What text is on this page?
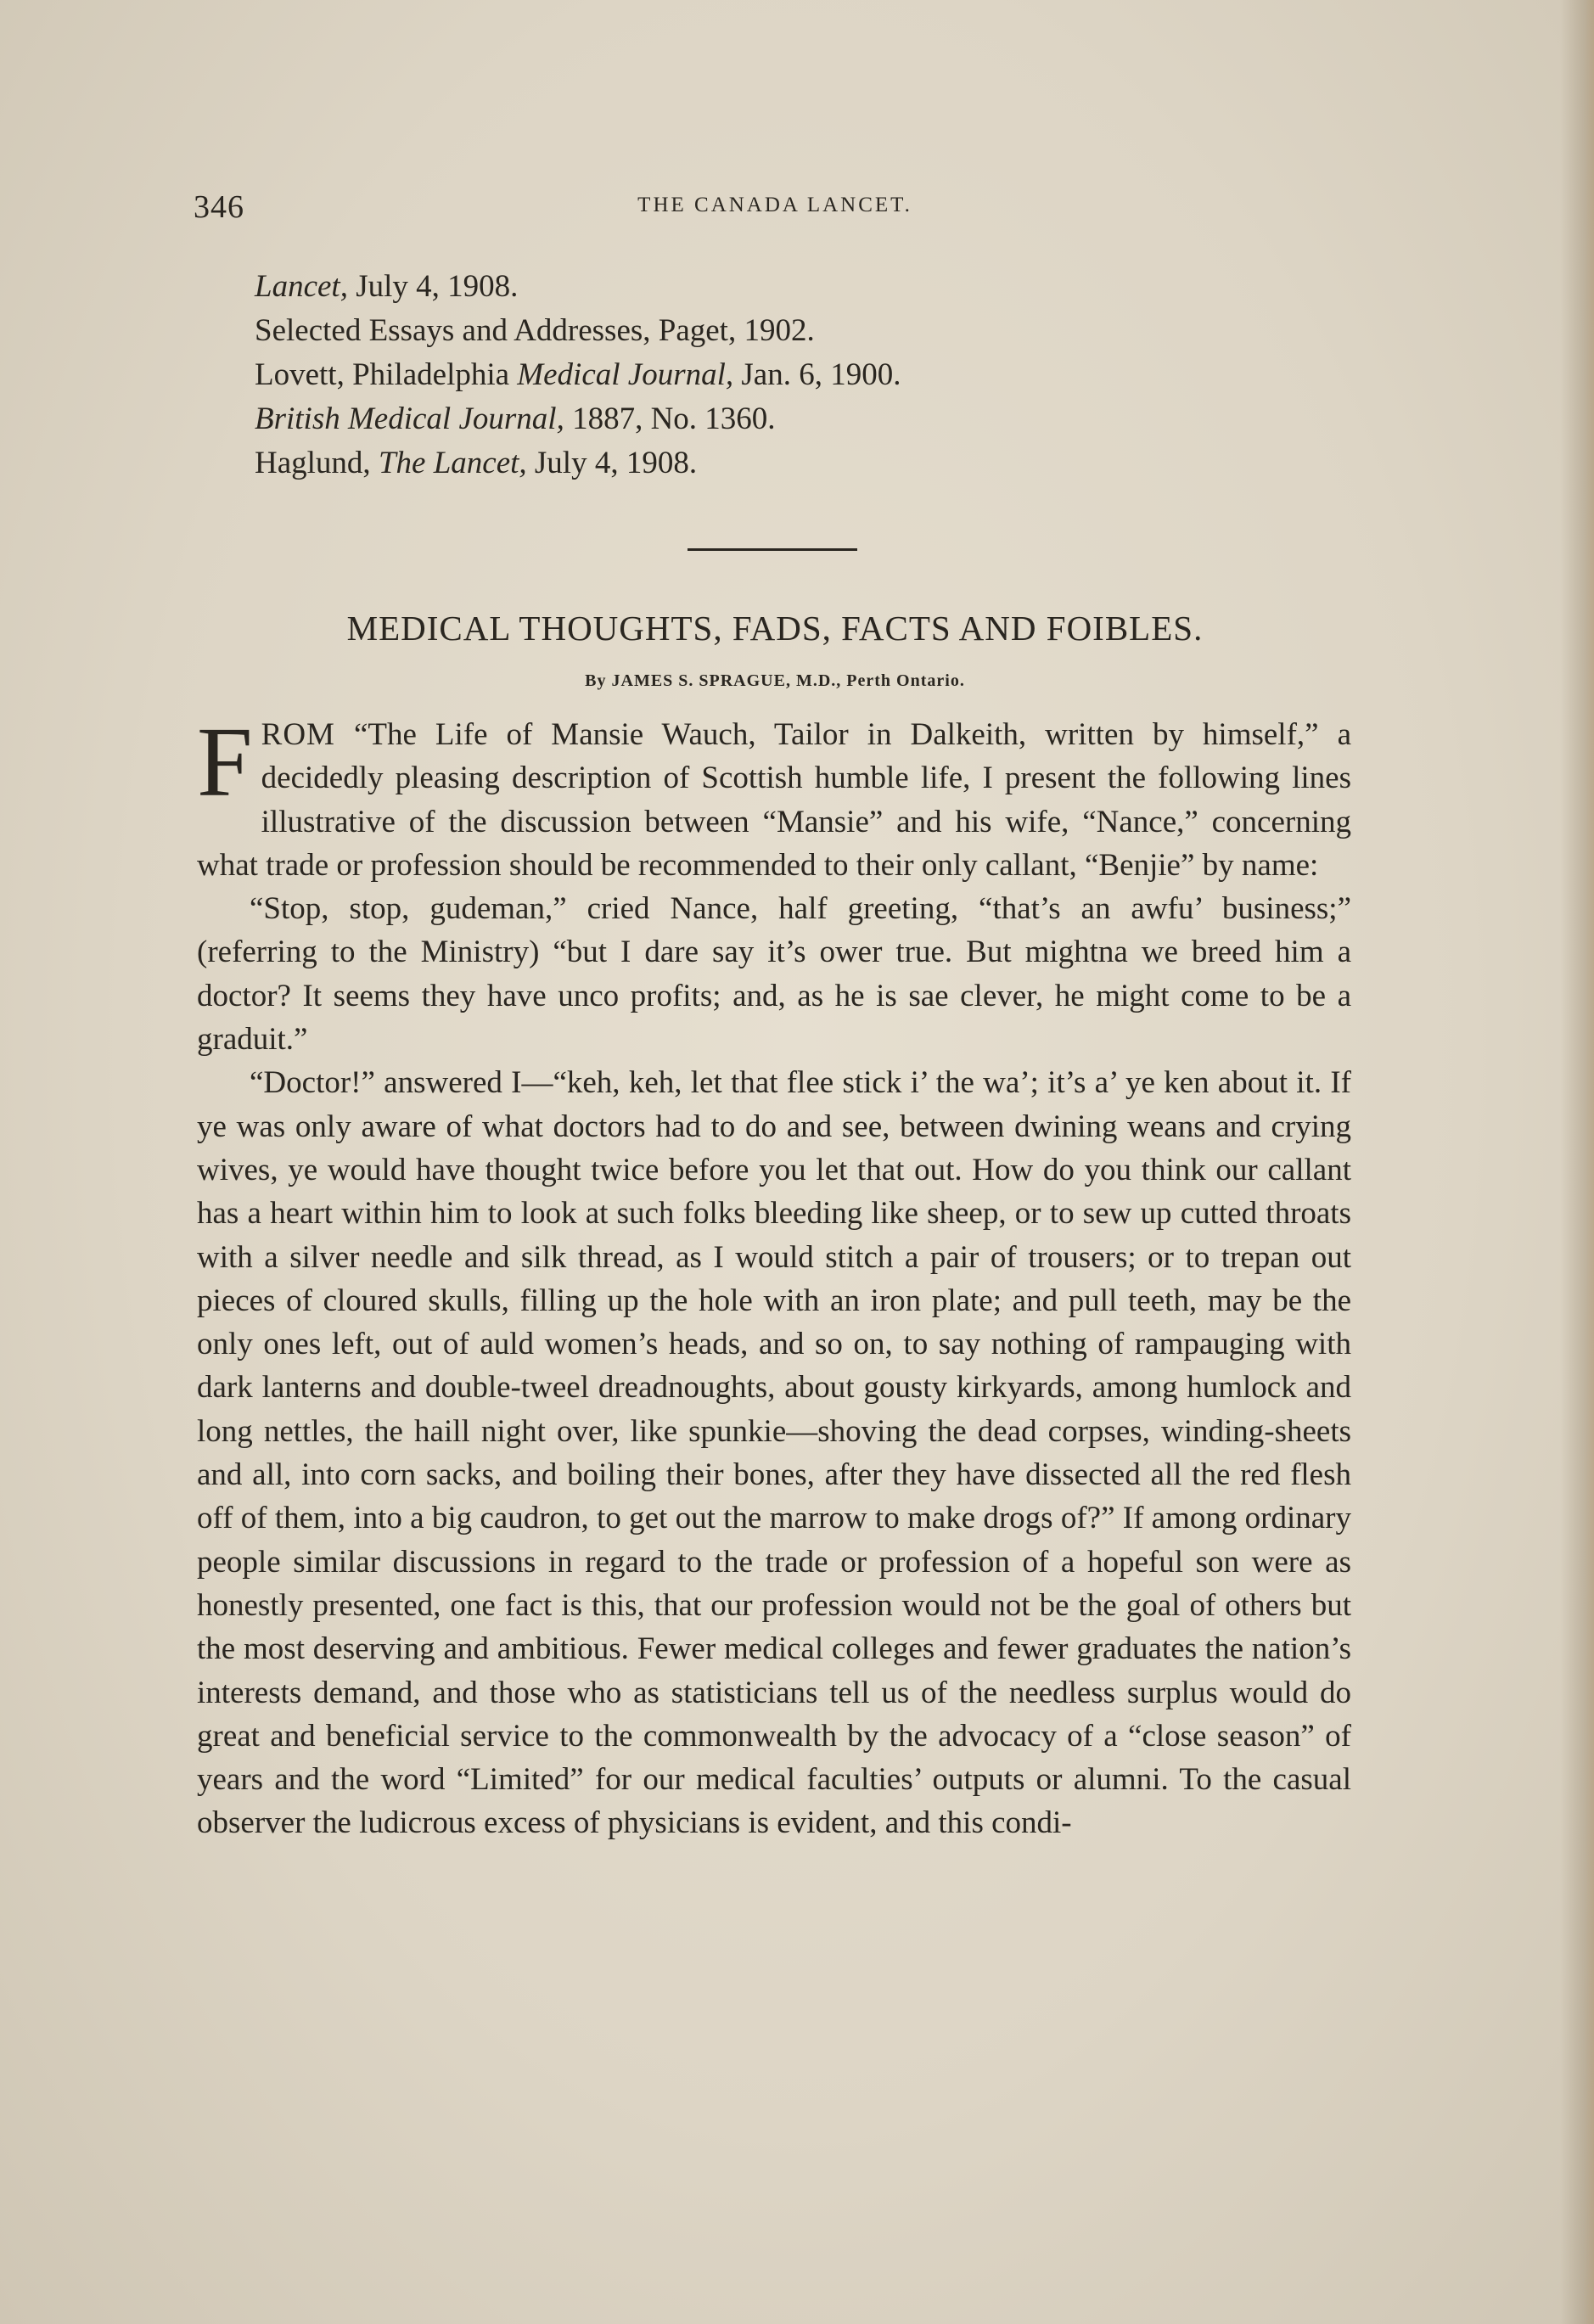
346	THE CANADA LANCET.
Lancet, July 4, 1908.
Selected Essays and Addresses, Paget, 1902.
Lovett, Philadelphia Medical Journal, Jan. 6, 1900.
British Medical Journal, 1887, No. 1360.
Haglund, The Lancet, July 4, 1908.
MEDICAL THOUGHTS, FADS, FACTS AND FOIBLES.
By JAMES S. SPRAGUE, M.D., Perth Ontario.

FROM “The Life of Mansie Wauch, Tailor in Dalkeith, written by himself,” a decidedly pleasing description of Scottish humble life, I present the following lines illustrative of the discussion between “Mansie” and his wife, “Nance,” concerning what trade or profession should be recommended to their only callant, “Benjie” by name:

“Stop, stop, gudeman,” cried Nance, half greeting, “that’s an awfu’ business;” (referring to the Ministry) “but I dare say it’s ower true. But mightna we breed him a doctor? It seems they have unco profits; and, as he is sae clever, he might come to be a graduit.”

“Doctor!” answered I—“keh, keh, let that flee stick i’ the wa’; it’s a’ ye ken about it. If ye was only aware of what doctors had to do and see, between dwining weans and crying wives, ye would have thought twice before you let that out. How do you think our callant has a heart within him to look at such folks bleeding like sheep, or to sew up cutted throats with a silver needle and silk thread, as I would stitch a pair of trousers; or to trepan out pieces of cloured skulls, filling up the hole with an iron plate; and pull teeth, may be the only ones left, out of auld women’s heads, and so on, to say nothing of rampauging with dark lanterns and double-tweel dreadnoughts, about gousty kirkyards, among humlock and long nettles, the haill night over, like spunkie—shoving the dead corpses, winding-sheets and all, into corn sacks, and boiling their bones, after they have dissected all the red flesh off of them, into a big caudron, to get out the marrow to make drogs of?” If among ordinary people similar discussions in regard to the trade or profession of a hopeful son were as honestly presented, one fact is this, that our profession would not be the goal of others but the most deserving and ambitious. Fewer medical colleges and fewer graduates the nation’s interests demand, and those who as statisticians tell us of the needless surplus would do great and beneficial service to the commonwealth by the advocacy of a “close season” of years and the word “Limited” for our medical faculties’ outputs or alumni. To the casual observer the ludicrous excess of physicians is evident, and this condi-
